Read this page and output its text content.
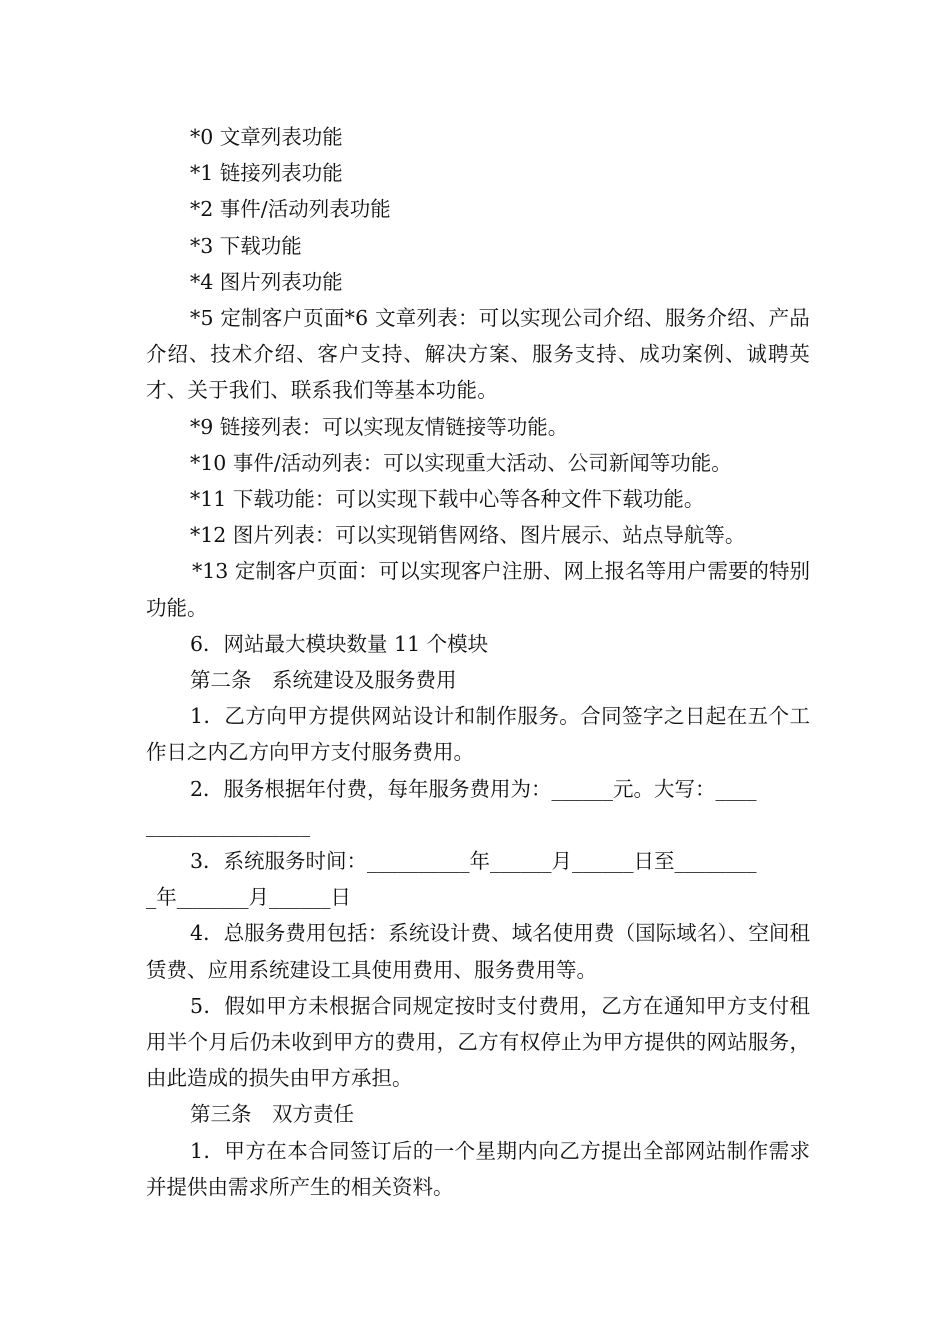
*0 文章列表功能

*1 链接列表功能

*2 事件/活动列表功能

*3 下载功能

*4 图片列表功能

*5 定制客户页面*6 文章列表：可以实现公司介绍、服务介绍、产品介绍、技术介绍、客户支持、解决方案、服务支持、成功案例、诚聘英才、关于我们、联系我们等基本功能。

*9 链接列表：可以实现友情链接等功能。

*10 事件/活动列表：可以实现重大活动、公司新闻等功能。

*11 下载功能：可以实现下载中心等各种文件下载功能。

*12 图片列表：可以实现销售网络、图片展示、站点导航等。

*13 定制客户页面：可以实现客户注册、网上报名等用户需要的特别功能。

6．网站最大模块数量 11 个模块

第二条　系统建设及服务费用

1．乙方向甲方提供网站设计和制作服务。合同签字之日起在五个工作日之内乙方向甲方支付服务费用。

2．服务根据年付费，每年服务费用为：______元。大写：____

________________

3．系统服务时间：__________年______月______日至________

_年_______月______日

4．总服务费用包括：系统设计费、域名使用费（国际域名）、空间租赁费、应用系统建设工具使用费用、服务费用等。

5．假如甲方未根据合同规定按时支付费用，乙方在通知甲方支付租用半个月后仍未收到甲方的费用，乙方有权停止为甲方提供的网站服务，由此造成的损失由甲方承担。

第三条　双方责任

1．甲方在本合同签订后的一个星期内向乙方提出全部网站制作需求并提供由需求所产生的相关资料。
